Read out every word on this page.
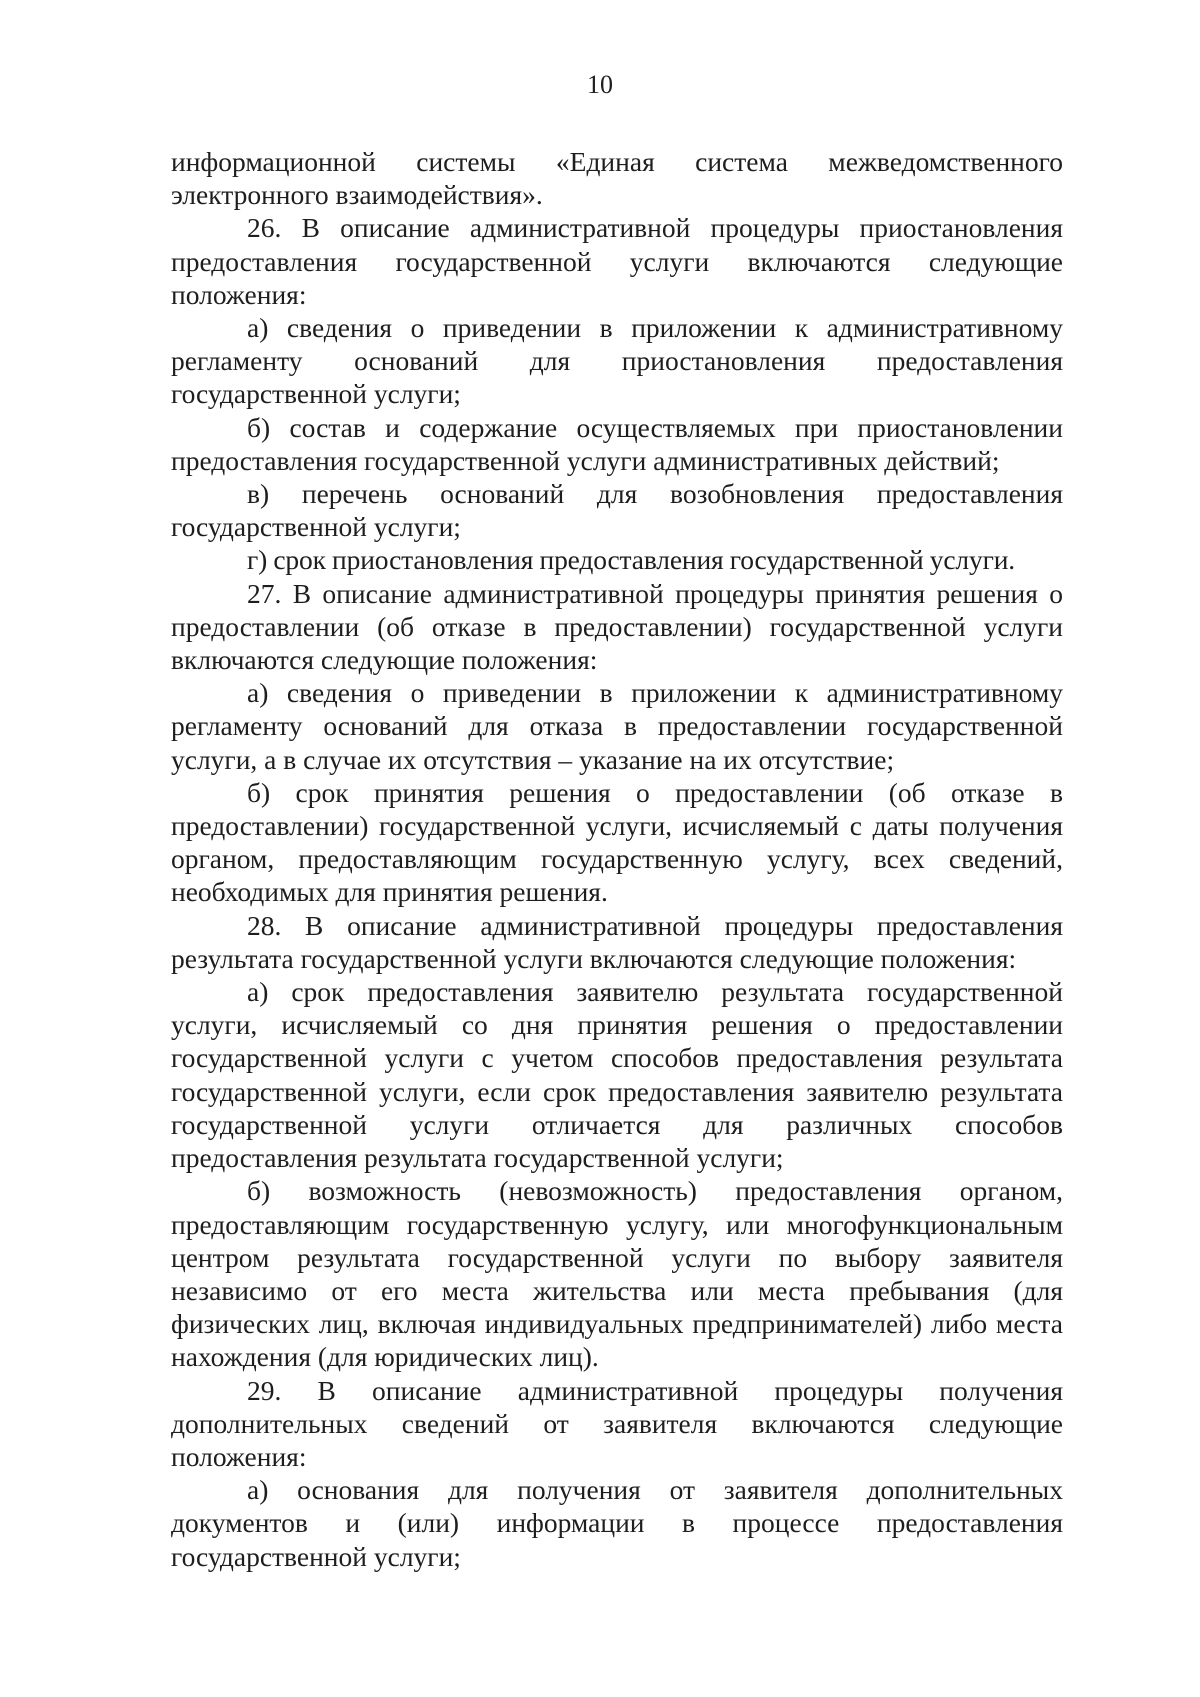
10

информационной системы «Единая система межведомственного электронного взаимодействия».

26. В описание административной процедуры приостановления предоставления государственной услуги включаются следующие положения:

а) сведения о приведении в приложении к административному регламенту оснований для приостановления предоставления государственной услуги;

б) состав и содержание осуществляемых при приостановлении предоставления государственной услуги административных действий;

в) перечень оснований для возобновления предоставления государственной услуги;

г) срок приостановления предоставления государственной услуги.

27. В описание административной процедуры принятия решения о предоставлении (об отказе в предоставлении) государственной услуги включаются следующие положения:

а) сведения о приведении в приложении к административному регламенту оснований для отказа в предоставлении государственной услуги, а в случае их отсутствия – указание на их отсутствие;

б) срок принятия решения о предоставлении (об отказе в предоставлении) государственной услуги, исчисляемый с даты получения органом, предоставляющим государственную услугу, всех сведений, необходимых для принятия решения.

28. В описание административной процедуры предоставления результата государственной услуги включаются следующие положения:

а) срок предоставления заявителю результата государственной услуги, исчисляемый со дня принятия решения о предоставлении государственной услуги с учетом способов предоставления результата государственной услуги, если срок предоставления заявителю результата государственной услуги отличается для различных способов предоставления результата государственной услуги;

б) возможность (невозможность) предоставления органом, предоставляющим государственную услугу, или многофункциональным центром результата государственной услуги по выбору заявителя независимо от его места жительства или места пребывания (для физических лиц, включая индивидуальных предпринимателей) либо места нахождения (для юридических лиц).

29. В описание административной процедуры получения дополнительных сведений от заявителя включаются следующие положения:

а) основания для получения от заявителя дополнительных документов и (или) информации в процессе предоставления государственной услуги;
